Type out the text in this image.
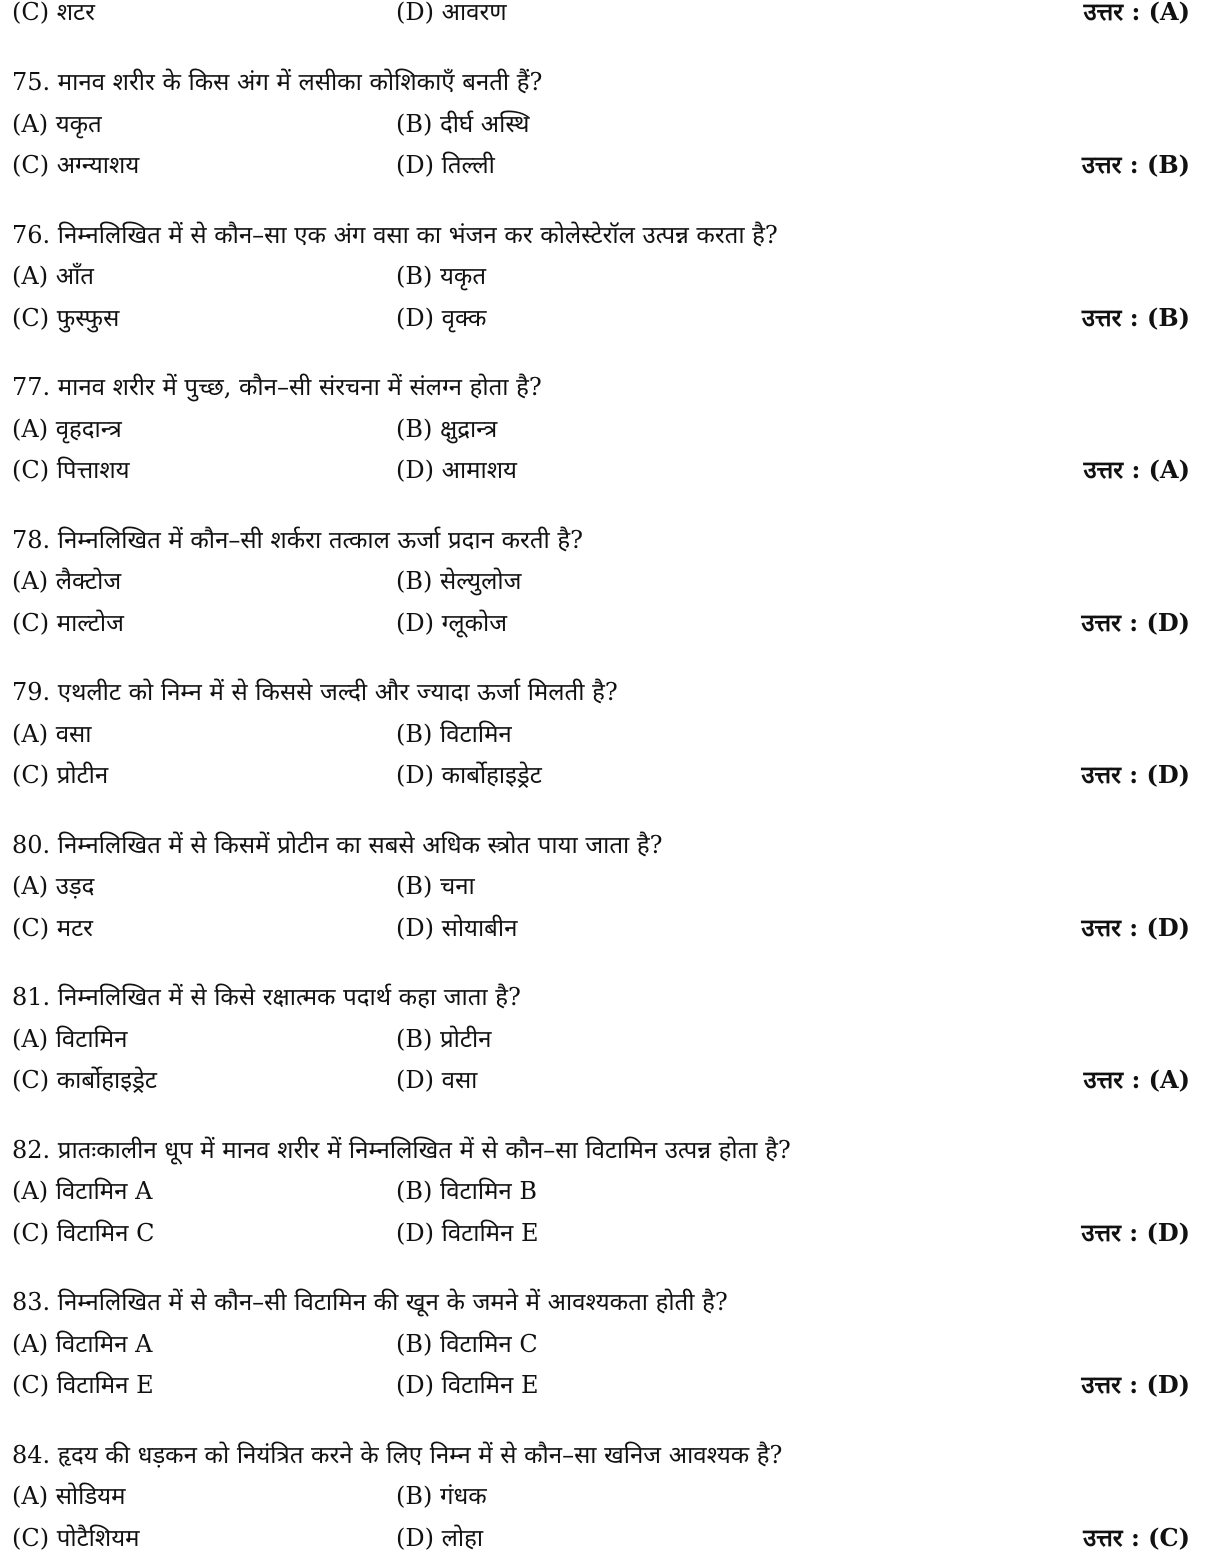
(C) शटर	(D) आवरण	उत्तर : (A)
75. मानव शरीर के किस अंग में लसीका कोशिकाएँ बनती हैं?
(A) यकृत	(B) दीर्घ अस्थि
(C) अग्न्याशय	(D) तिल्ली	उत्तर : (B)
76. निम्नलिखित में से कौन–सा एक अंग वसा का भंजन कर कोलेस्टेरॉल उत्पन्न करता है?
(A) आँत	(B) यकृत
(C) फुस्फुस	(D) वृक्क	उत्तर : (B)
77. मानव शरीर में पुच्छ, कौन–सी संरचना में संलग्न होता है?
(A) वृहदान्त्र	(B) क्षुद्रान्त्र
(C) पित्ताशय	(D) आमाशय	उत्तर : (A)
78. निम्नलिखित में कौन–सी शर्करा तत्काल ऊर्जा प्रदान करती है?
(A) लैक्टोज	(B) सेल्युलोज
(C) माल्टोज	(D) ग्लूकोज	उत्तर : (D)
79. एथलीट को निम्न में से किससे जल्दी और ज्यादा ऊर्जा मिलती है?
(A) वसा	(B) विटामिन
(C) प्रोटीन	(D) कार्बोहाइड्रेट	उत्तर : (D)
80. निम्नलिखित में से किसमें प्रोटीन का सबसे अधिक स्त्रोत पाया जाता है?
(A) उड़द	(B) चना
(C) मटर	(D) सोयाबीन	उत्तर : (D)
81. निम्नलिखित में से किसे रक्षात्मक पदार्थ कहा जाता है?
(A) विटामिन	(B) प्रोटीन
(C) कार्बोहाइड्रेट	(D) वसा	उत्तर : (A)
82. प्रातःकालीन धूप में मानव शरीर में निम्नलिखित में से कौन–सा विटामिन उत्पन्न होता है?
(A) विटामिन A	(B) विटामिन B
(C) विटामिन C	(D) विटामिन E	उत्तर : (D)
83. निम्नलिखित में से कौन–सी विटामिन की खून के जमने में आवश्यकता होती है?
(A) विटामिन A	(B) विटामिन C
(C) विटामिन E	(D) विटामिन E	उत्तर : (D)
84. हृदय की धड़कन को नियंत्रित करने के लिए निम्न में से कौन–सा खनिज आवश्यक है?
(A) सोडियम	(B) गंधक
(C) पोटैशियम	(D) लोहा	उत्तर : (C)
